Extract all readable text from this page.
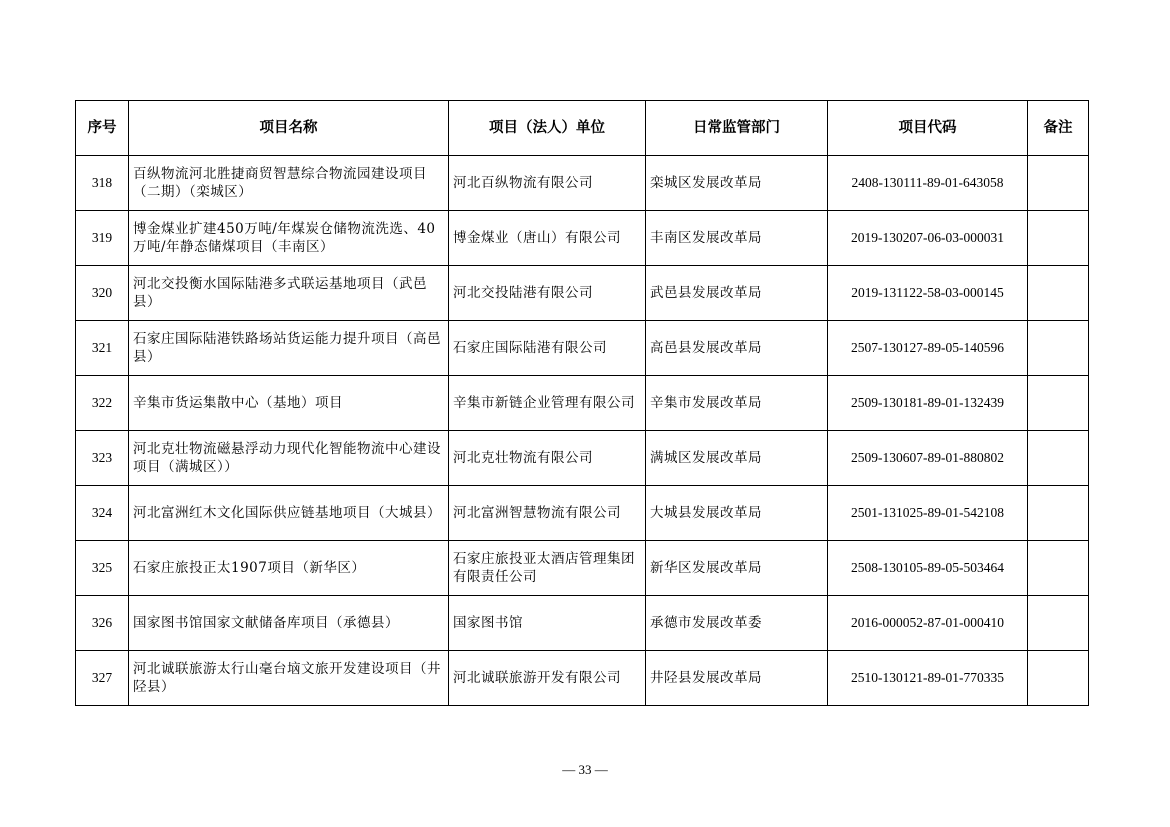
序号	项目名称	项目（法人）单位	日常监管部门	项目代码	备注
318	百纵物流河北胜捷商贸智慧综合物流园建设项目（二期）（栾城区）	河北百纵物流有限公司	栾城区发展改革局	2408-130111-89-01-643058	
319	博金煤业扩建450万吨/年煤炭仓储物流洗选、40万吨/年静态储煤项目（丰南区）	博金煤业（唐山）有限公司	丰南区发展改革局	2019-130207-06-03-000031	
320	河北交投衡水国际陆港多式联运基地项目（武邑县）	河北交投陆港有限公司	武邑县发展改革局	2019-131122-58-03-000145	
321	石家庄国际陆港铁路场站货运能力提升项目（高邑县）	石家庄国际陆港有限公司	高邑县发展改革局	2507-130127-89-05-140596	
322	辛集市货运集散中心（基地）项目	辛集市新链企业管理有限公司	辛集市发展改革局	2509-130181-89-01-132439	
323	河北克壮物流磁悬浮动力现代化智能物流中心建设项目（满城区））	河北克壮物流有限公司	满城区发展改革局	2509-130607-89-01-880802	
324	河北富洲红木文化国际供应链基地项目（大城县）	河北富洲智慧物流有限公司	大城县发展改革局	2501-131025-89-01-542108	
325	石家庄旅投正太1907项目（新华区）	石家庄旅投亚太酒店管理集团有限责任公司	新华区发展改革局	2508-130105-89-05-503464	
326	国家图书馆国家文献储备库项目（承德县）	国家图书馆	承德市发展改革委	2016-000052-87-01-000410	
327	河北诚联旅游太行山毫台垴文旅开发建设项目（井陉县）	河北诚联旅游开发有限公司	井陉县发展改革局	2510-130121-89-01-770335	
— 33 —
